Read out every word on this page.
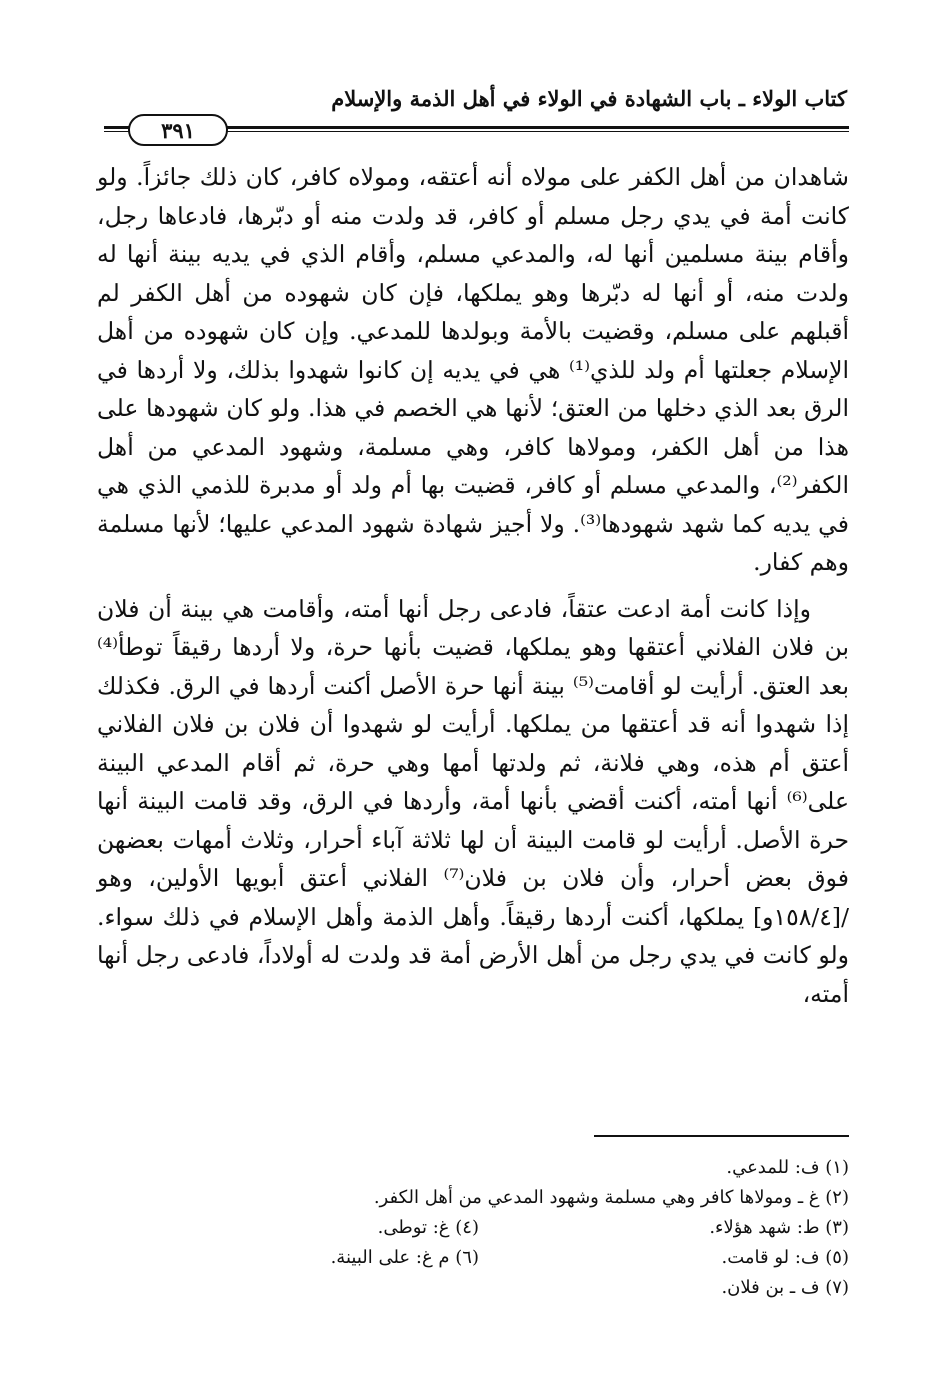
كتاب الولاء ـ باب الشهادة في الولاء في أهل الذمة والإسلام
٣٩١

شاهدان من أهل الكفر على مولاه أنه أعتقه، ومولاه كافر، كان ذلك جائزاً. ولو كانت أمة في يدي رجل مسلم أو كافر، قد ولدت منه أو دبّرها، فادعاها رجل، وأقام بينة مسلمين أنها له، والمدعي مسلم، وأقام الذي في يديه بينة أنها له ولدت منه، أو أنها له دبّرها وهو يملكها، فإن كان شهوده من أهل الكفر لم أقبلهم على مسلم، وقضيت بالأمة وبولدها للمدعي. وإن كان شهوده من أهل الإسلام جعلتها أم ولد للذي⁽¹⁾ هي في يديه إن كانوا شهدوا بذلك، ولا أردها في الرق بعد الذي دخلها من العتق؛ لأنها هي الخصم في هذا. ولو كان شهودها على هذا من أهل الكفر، ومولاها كافر، وهي مسلمة، وشهود المدعي من أهل الكفر⁽²⁾، والمدعي مسلم أو كافر، قضيت بها أم ولد أو مدبرة للذمي الذي هي في يديه كما شهد شهودها⁽³⁾. ولا أجيز شهادة شهود المدعي عليها؛ لأنها مسلمة وهم كفار.

وإذا كانت أمة ادعت عتقاً، فادعى رجل أنها أمته، وأقامت هي بينة أن فلان بن فلان الفلاني أعتقها وهو يملكها، قضيت بأنها حرة، ولا أردها رقيقاً توطأ⁽⁴⁾ بعد العتق. أرأيت لو أقامت⁽⁵⁾ بينة أنها حرة الأصل أكنت أردها في الرق. فكذلك إذا شهدوا أنه قد أعتقها من يملكها. أرأيت لو شهدوا أن فلان بن فلان الفلاني أعتق أم هذه، وهي فلانة، ثم ولدتها أمها وهي حرة، ثم أقام المدعي البينة على⁽⁶⁾ أنها أمته، أكنت أقضي بأنها أمة، وأردها في الرق، وقد قامت البينة أنها حرة الأصل. أرأيت لو قامت البينة أن لها ثلاثة آباء أحرار، وثلاث أمهات بعضهن فوق بعض أحرار، وأن فلان بن فلان⁽⁷⁾ الفلاني أعتق أبويها الأولين، وهو /[١٥٨/٤و] يملكها، أكنت أردها رقيقاً. وأهل الذمة وأهل الإسلام في ذلك سواء. ولو كانت في يدي رجل من أهل الأرض أمة قد ولدت له أولاداً، فادعى رجل أنها أمته،

(١) ف: للمدعي.
(٢) غ ـ ومولاها كافر وهي مسلمة وشهود المدعي من أهل الكفر.
(٣) ط: شهد هؤلاء.
(٤) غ: توطى.
(٥) ف: لو قامت.
(٦) م غ: على البينة.
(٧) ف ـ بن فلان.
